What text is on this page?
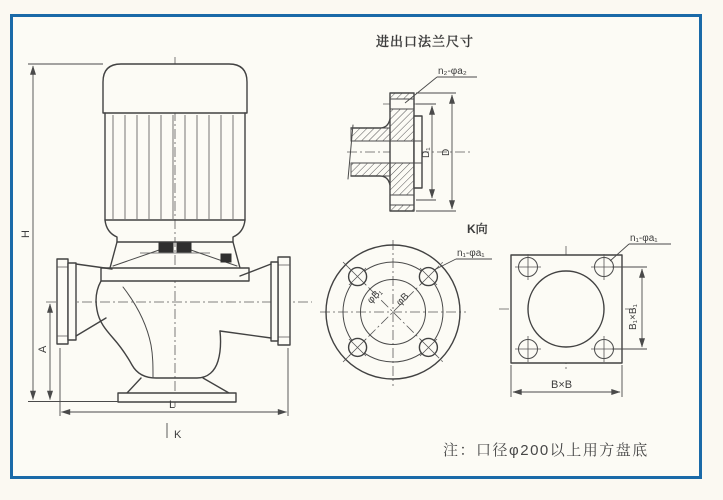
H
A
L
K
进出口法兰尺寸
n₂-φa₂
D₁ D
K向
φB₁ φB
n₁-φa₁
B₁×B₁
B×B
n₁-φa₁
注：口径φ200以上用方盘底
